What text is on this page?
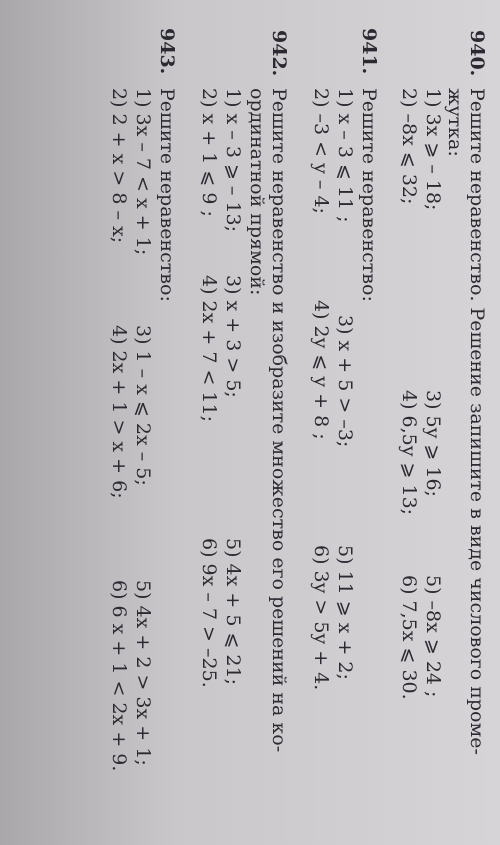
940.
Решите неравенство. Решение запишите в виде числового проме-
жутка:
1) 3x ⩾ – 18;
3) 5y ⩾ 16;
5) –8x ⩾ 24 ;
2) –8x ⩽ 32;
4) 6,5y ⩾ 13;
6) 7,5x ⩽ 30.
941.
Решите неравенство:
1) x – 3 ⩽ 11 ;
3) x + 5 > –3;
5) 11 ⩾ x + 2;
2) –3 < y – 4;
4) 2y ⩽ y + 8 ;
6) 3y > 5y + 4.
942.
Решите неравенство и изобразите множество его решений на ко-
ординатной прямой:
1) x – 3 ⩾ – 13;
3) x + 3 > 5;
5) 4x + 5 ⩽ 21;
2) x + 1 ⩽ 9 ;
4) 2x + 7 < 11;
6) 9x – 7 > –25.
943.
Решите неравенство:
1) 3x – 7 < x + 1;
3) 1 – x ⩽ 2x – 5;
5) 4x + 2 > 3x + 1;
2) 2 + x > 8 – x;
4) 2x + 1 > x + 6;
6) 6 x + 1 < 2x + 9.
